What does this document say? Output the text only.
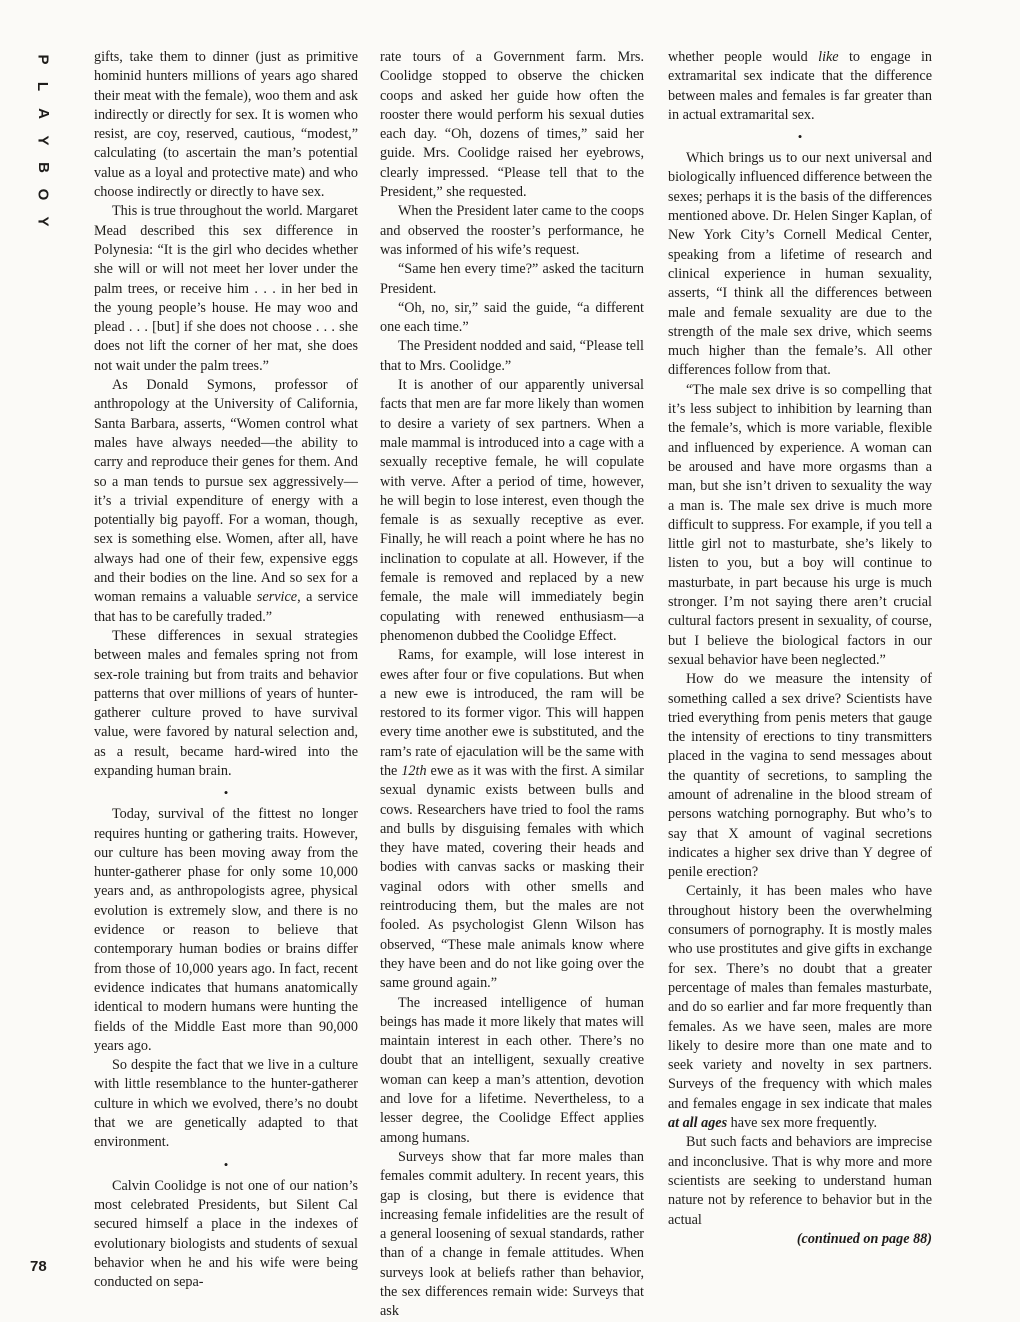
P
L
A
Y
B
O
Y
78

gifts, take them to dinner (just as primitive hominid hunters millions of years ago shared their meat with the female), woo them and ask indirectly or directly for sex. It is women who resist, are coy, reserved, cautious, “modest,” calculating (to ascertain the man’s potential value as a loyal and protective mate) and who choose indirectly or directly to have sex.

This is true throughout the world. Margaret Mead described this sex difference in Polynesia: “It is the girl who decides whether she will or will not meet her lover under the palm trees, or receive him . . . in her bed in the young people’s house. He may woo and plead . . . [but] if she does not choose . . . she does not lift the corner of her mat, she does not wait under the palm trees.”

As Donald Symons, professor of anthropology at the University of California, Santa Barbara, asserts, “Women control what males have always needed—the ability to carry and reproduce their genes for them. And so a man tends to pursue sex aggressively—it’s a trivial expenditure of energy with a potentially big payoff. For a woman, though, sex is something else. Women, after all, have always had one of their few, expensive eggs and their bodies on the line. And so sex for a woman remains a valuable service, a service that has to be carefully traded.”

These differences in sexual strategies between males and females spring not from sex-role training but from traits and behavior patterns that over millions of years of hunter-gatherer culture proved to have survival value, were favored by natural selection and, as a result, became hard-wired into the expanding human brain.

•

Today, survival of the fittest no longer requires hunting or gathering traits. However, our culture has been moving away from the hunter-gatherer phase for only some 10,000 years and, as anthropologists agree, physical evolution is extremely slow, and there is no evidence or reason to believe that contemporary human bodies or brains differ from those of 10,000 years ago. In fact, recent evidence indicates that humans anatomically identical to modern humans were hunting the fields of the Middle East more than 90,000 years ago.

So despite the fact that we live in a culture with little resemblance to the hunter-gatherer culture in which we evolved, there’s no doubt that we are genetically adapted to that environment.

•

Calvin Coolidge is not one of our nation’s most celebrated Presidents, but Silent Cal secured himself a place in the indexes of evolutionary biologists and students of sexual behavior when he and his wife were being conducted on sepa-

rate tours of a Government farm. Mrs. Coolidge stopped to observe the chicken coops and asked her guide how often the rooster there would perform his sexual duties each day. “Oh, dozens of times,” said her guide. Mrs. Coolidge raised her eyebrows, clearly impressed. “Please tell that to the President,” she requested.

When the President later came to the coops and observed the rooster’s performance, he was informed of his wife’s request.

“Same hen every time?” asked the taciturn President.

“Oh, no, sir,” said the guide, “a different one each time.”

The President nodded and said, “Please tell that to Mrs. Coolidge.”

It is another of our apparently universal facts that men are far more likely than women to desire a variety of sex partners. When a male mammal is introduced into a cage with a sexually receptive female, he will copulate with verve. After a period of time, however, he will begin to lose interest, even though the female is as sexually receptive as ever. Finally, he will reach a point where he has no inclination to copulate at all. However, if the female is removed and replaced by a new female, the male will immediately begin copulating with renewed enthusiasm—a phenomenon dubbed the Coolidge Effect.

Rams, for example, will lose interest in ewes after four or five copulations. But when a new ewe is introduced, the ram will be restored to its former vigor. This will happen every time another ewe is substituted, and the ram’s rate of ejaculation will be the same with the 12th ewe as it was with the first. A similar sexual dynamic exists between bulls and cows. Researchers have tried to fool the rams and bulls by disguising females with which they have mated, covering their heads and bodies with canvas sacks or masking their vaginal odors with other smells and reintroducing them, but the males are not fooled. As psychologist Glenn Wilson has observed, “These male animals know where they have been and do not like going over the same ground again.”

The increased intelligence of human beings has made it more likely that mates will maintain interest in each other. There’s no doubt that an intelligent, sexually creative woman can keep a man’s attention, devotion and love for a lifetime. Nevertheless, to a lesser degree, the Coolidge Effect applies among humans.

Surveys show that far more males than females commit adultery. In recent years, this gap is closing, but there is evidence that increasing female infidelities are the result of a general loosening of sexual standards, rather than of a change in female attitudes. When surveys look at beliefs rather than behavior, the sex differences remain wide: Surveys that ask

whether people would like to engage in extramarital sex indicate that the difference between males and females is far greater than in actual extramarital sex.

•

Which brings us to our next universal and biologically influenced difference between the sexes; perhaps it is the basis of the differences mentioned above. Dr. Helen Singer Kaplan, of New York City’s Cornell Medical Center, speaking from a lifetime of research and clinical experience in human sexuality, asserts, “I think all the differences between male and female sexuality are due to the strength of the male sex drive, which seems much higher than the female’s. All other differences follow from that.

“The male sex drive is so compelling that it’s less subject to inhibition by learning than the female’s, which is more variable, flexible and influenced by experience. A woman can be aroused and have more orgasms than a man, but she isn’t driven to sexuality the way a man is. The male sex drive is much more difficult to suppress. For example, if you tell a little girl not to masturbate, she’s likely to listen to you, but a boy will continue to masturbate, in part because his urge is much stronger. I’m not saying there aren’t crucial cultural factors present in sexuality, of course, but I believe the biological factors in our sexual behavior have been neglected.”

How do we measure the intensity of something called a sex drive? Scientists have tried everything from penis meters that gauge the intensity of erections to tiny transmitters placed in the vagina to send messages about the quantity of secretions, to sampling the amount of adrenaline in the blood stream of persons watching pornography. But who’s to say that X amount of vaginal secretions indicates a higher sex drive than Y degree of penile erection?

Certainly, it has been males who have throughout history been the overwhelming consumers of pornography. It is mostly males who use prostitutes and give gifts in exchange for sex. There’s no doubt that a greater percentage of males than females masturbate, and do so earlier and far more frequently than females. As we have seen, males are more likely to desire more than one mate and to seek variety and novelty in sex partners. Surveys of the frequency with which males and females engage in sex indicate that males at all ages have sex more frequently.

But such facts and behaviors are imprecise and inconclusive. That is why more and more scientists are seeking to understand human nature not by reference to behavior but in the actual

(continued on page 88)
